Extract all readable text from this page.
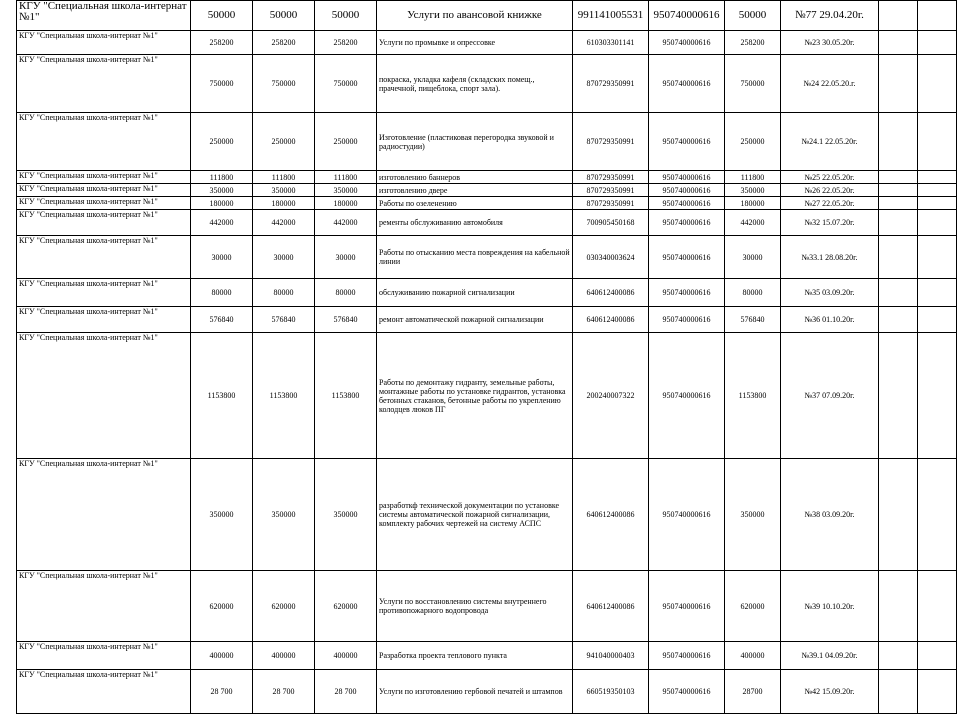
КГУ "Специальная школа-интернат №1"	50000	50000	50000	Услуги по авансовой книжке	991141005531	950740000616	50000	№77 29.04.20г.		
КГУ "Специальная школа-интернат №1"	258200	258200	258200	Услуги по промывке и опрессовке	610303301141	950740000616	258200	№23 30.05.20г.		
КГУ "Специальная школа-интернат №1"	750000	750000	750000	покраска, укладка кафеля (складских помещ., прачечной, пищеблока, спорт зала).	870729350991	950740000616	750000	№24 22.05.20.г.		
КГУ "Специальная школа-интернат №1"	250000	250000	250000	Изготовление (пластиковая перегородка звуковой и радиостудии)	870729350991	950740000616	250000	№24.1 22.05.20г.		
КГУ "Специальная школа-интернат №1"	111800	111800	111800	изготовлению баннеров	870729350991	950740000616	111800	№25 22.05.20г.		
КГУ "Специальная школа-интернат №1"	350000	350000	350000	изготовлению двере	870729350991	950740000616	350000	№26 22.05.20г.		
КГУ "Специальная школа-интернат №1"	180000	180000	180000	Работы по озеленению	870729350991	950740000616	180000	№27 22.05.20г.		
КГУ "Специальная школа-интернат №1"	442000	442000	442000	ременты обслуживанию автомобиля	700905450168	950740000616	442000	№32 15.07.20г.		
КГУ "Специальная школа-интернат №1"	30000	30000	30000	Работы по отысканию места повреждения на кабельной линии	030340003624	950740000616	30000	№33.1 28.08.20г.		
КГУ "Специальная школа-интернат №1"	80000	80000	80000	обслуживанию пожарной сигнализации	640612400086	950740000616	80000	№35 03.09.20г.		
КГУ "Специальная школа-интернат №1"	576840	576840	576840	ремонт автоматической пожарной сигнализации	640612400086	950740000616	576840	№36 01.10.20г.		
КГУ "Специальная школа-интернат №1"	1153800	1153800	1153800	Работы по демонтажу гидранту, земельные работы, монтажные работы по установке гидрантов, установка бетонных стаканов, бетонные работы по укреплению колодцев люков ПГ	200240007322	950740000616	1153800	№37 07.09.20г.		
КГУ "Специальная школа-интернат №1"	350000	350000	350000	разработкф технической документации по установке системы автоматической пожарной сигнализации, комплекту рабочих чертежей на систему АСПС	640612400086	950740000616	350000	№38 03.09.20г.		
КГУ "Специальная школа-интернат №1"	620000	620000	620000	Услуги по восстановлению системы внутреннего противопожарного водопровода	640612400086	950740000616	620000	№39 10.10.20г.		
КГУ "Специальная школа-интернат №1"	400000	400000	400000	Разработка проекта теплового пункта	941040000403	950740000616	400000	№39.1 04.09.20г.		
КГУ "Специальная школа-интернат №1"	28 700	28 700	28 700	Услуги по изготовлению гербовой печатей и штампов	660519350103	950740000616	28700	№42 15.09.20г.		
